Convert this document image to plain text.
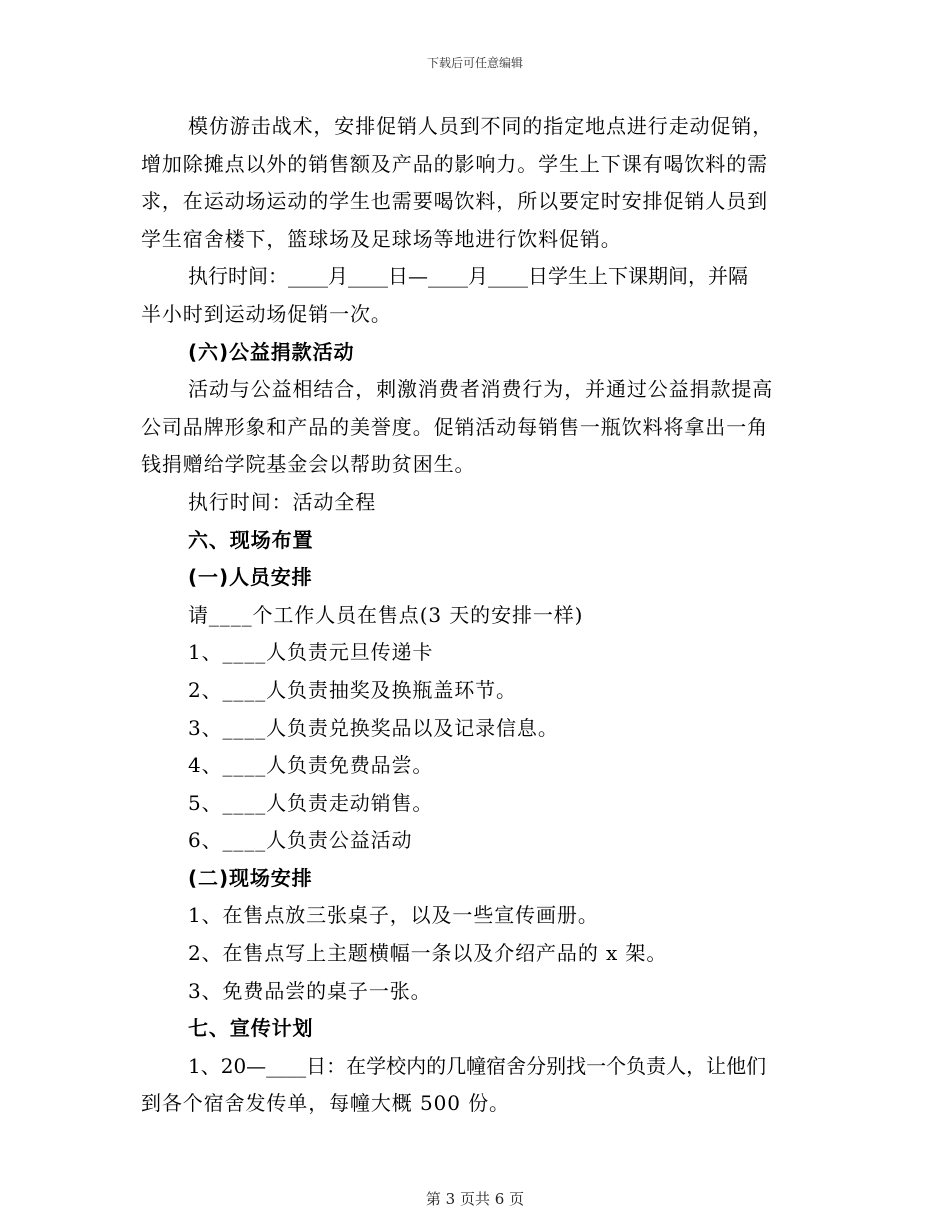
下载后可任意编辑
模仿游击战术，安排促销人员到不同的指定地点进行走动促销，
增加除摊点以外的销售额及产品的影响力。学生上下课有喝饮料的需
求，在运动场运动的学生也需要喝饮料，所以要定时安排促销人员到
学生宿舍楼下，篮球场及足球场等地进行饮料促销。
执行时间：____月____日—____月____日学生上下课期间，并隔
半小时到运动场促销一次。
(六)公益捐款活动
活动与公益相结合，刺激消费者消费行为，并通过公益捐款提高
公司品牌形象和产品的美誉度。促销活动每销售一瓶饮料将拿出一角
钱捐赠给学院基金会以帮助贫困生。
执行时间：活动全程
六、现场布置
(一)人员安排
请____个工作人员在售点(3 天的安排一样)
1、____人负责元旦传递卡
2、____人负责抽奖及换瓶盖环节。
3、____人负责兑换奖品以及记录信息。
4、____人负责免费品尝。
5、____人负责走动销售。
6、____人负责公益活动
(二)现场安排
1、在售点放三张桌子，以及一些宣传画册。
2、在售点写上主题横幅一条以及介绍产品的 x 架。
3、免费品尝的桌子一张。
七、宣传计划
1、20—____日：在学校内的几幢宿舍分别找一个负责人，让他们
到各个宿舍发传单，每幢大概 500 份。
第 3 页共 6 页
